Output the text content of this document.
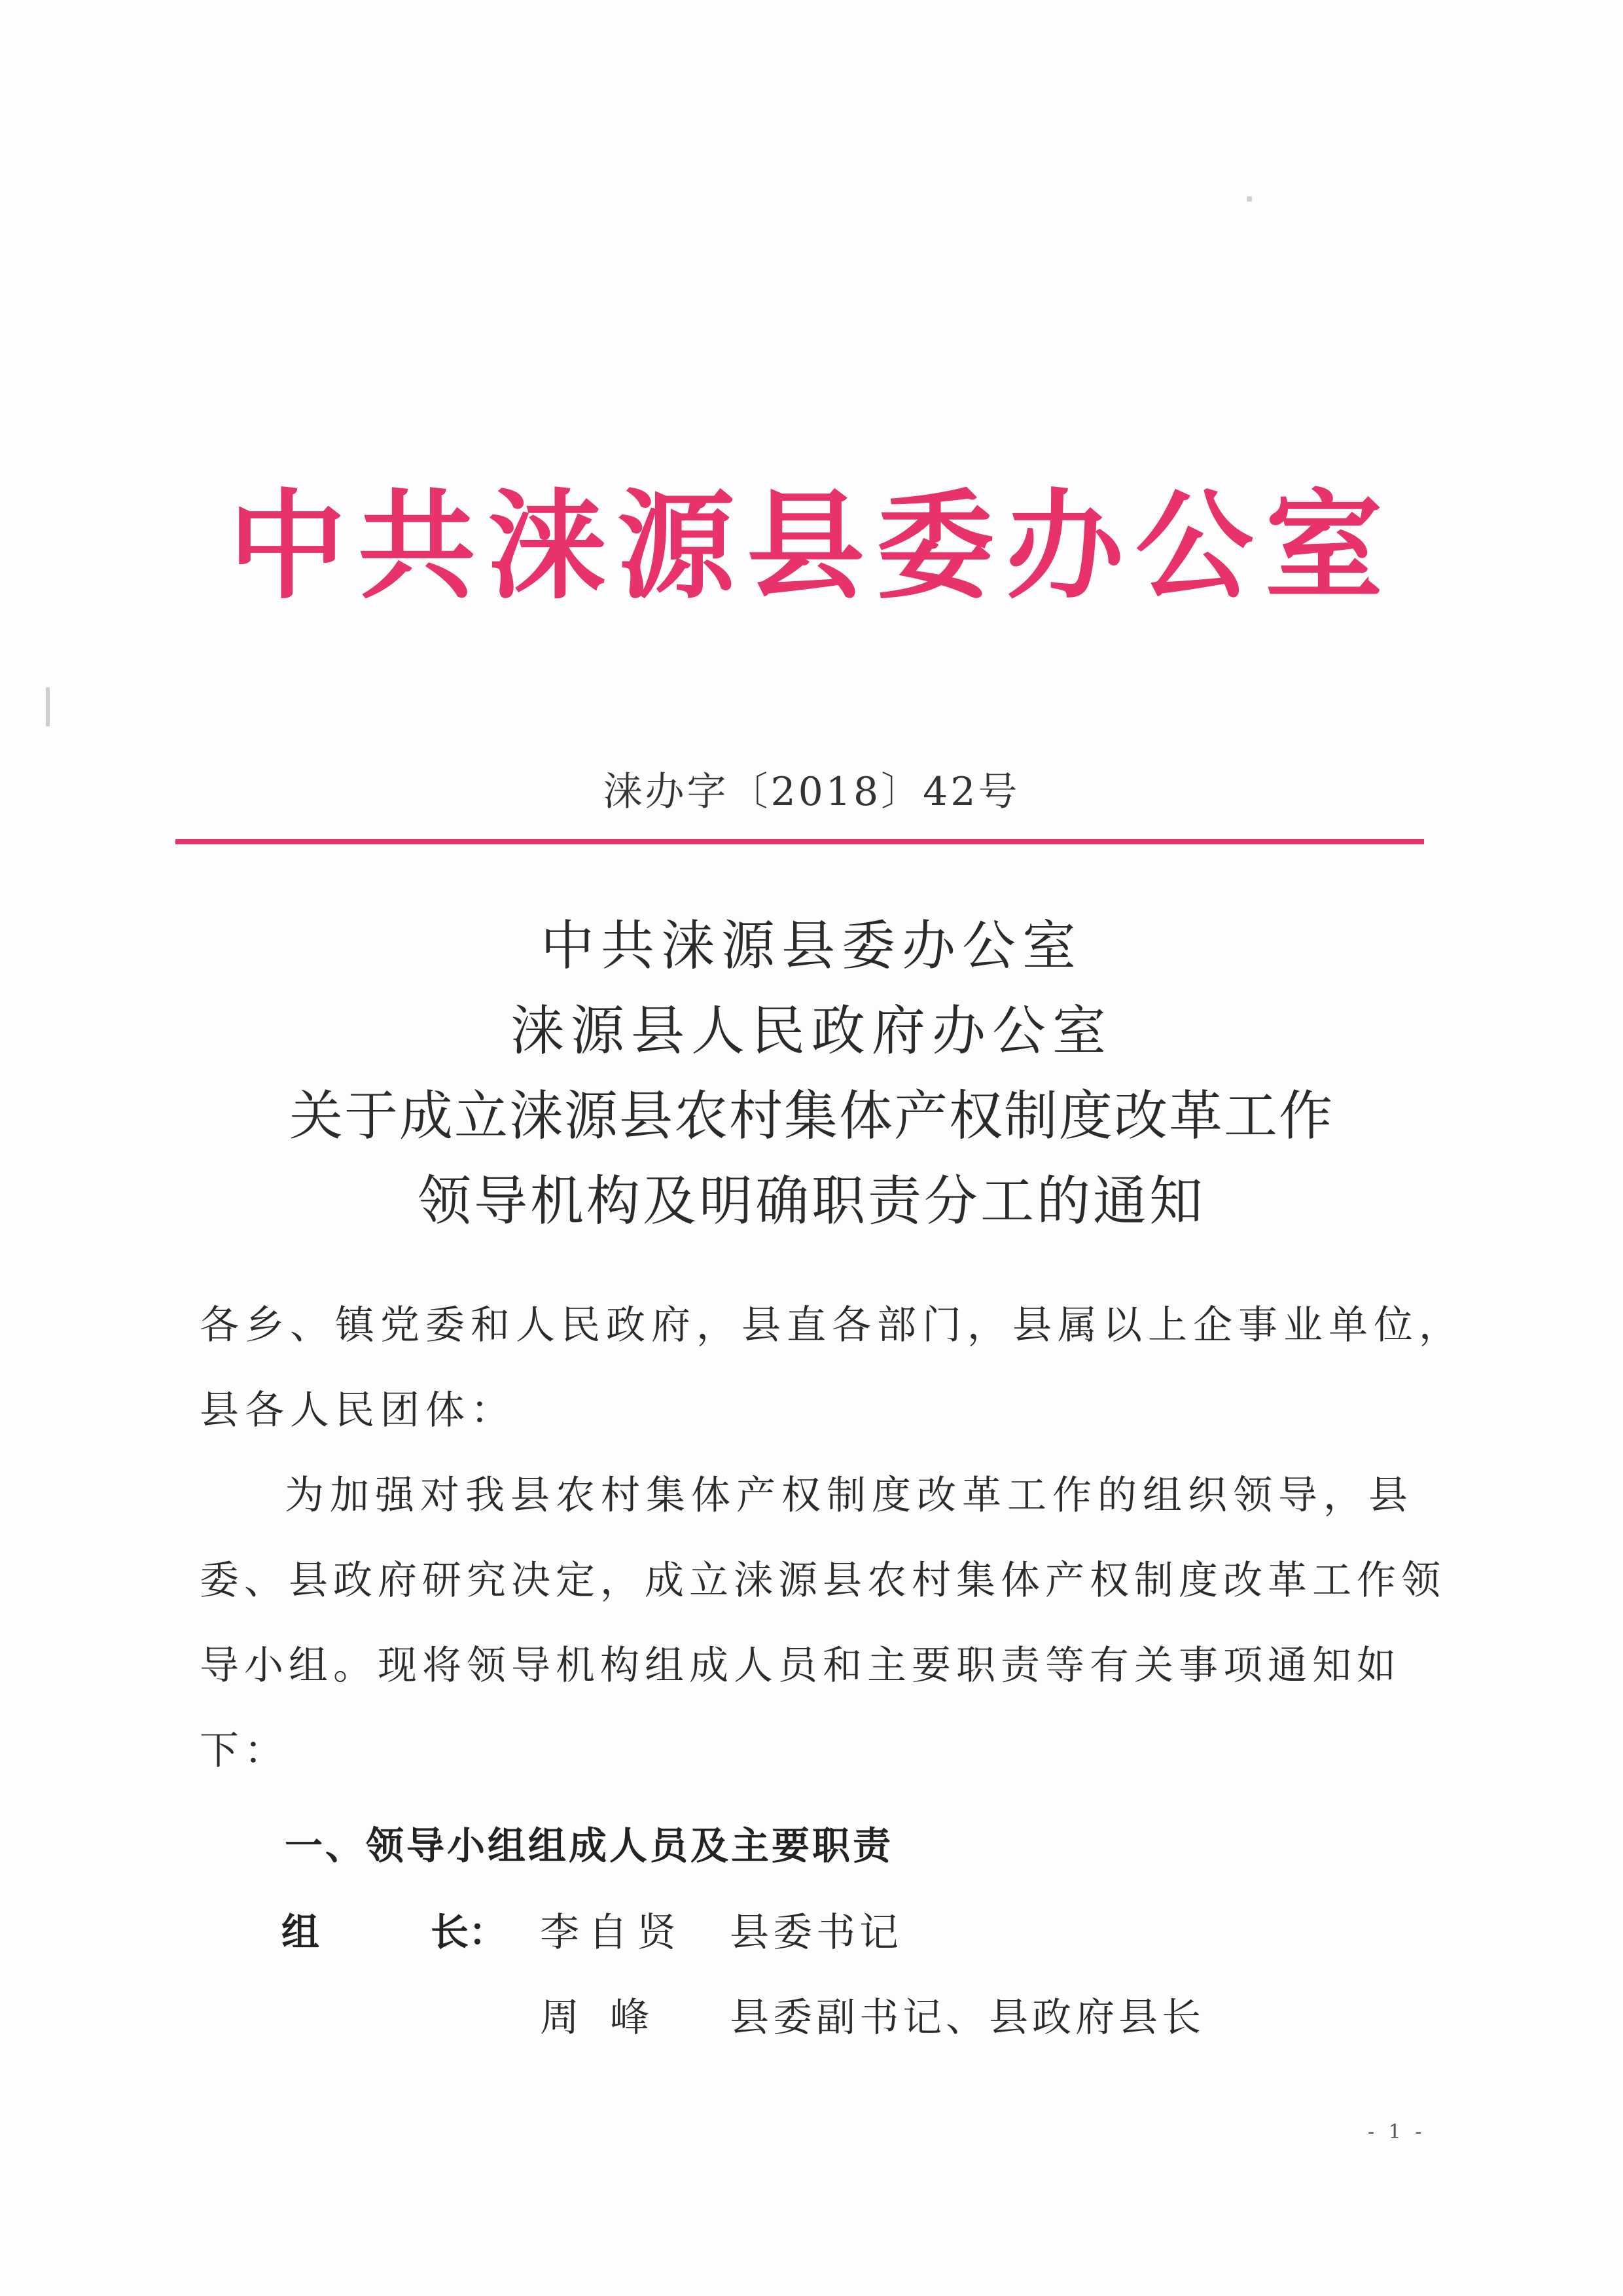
中共涞源县委办公室
涞办字〔2018〕42号
中共涞源县委办公室
涞源县人民政府办公室
关于成立涞源县农村集体产权制度改革工作
领导机构及明确职责分工的通知
各乡、镇党委和人民政府，县直各部门，县属以上企事业单位，
县各人民团体：
为加强对我县农村集体产权制度改革工作的组织领导，县
委、县政府研究决定，成立涞源县农村集体产权制度改革工作领
导小组。现将领导机构组成人员和主要职责等有关事项通知如
下：
一、领导小组组成人员及主要职责
组	长： 李自贤 县委书记
周 峰 县委副书记、县政府县长
- 1 -
